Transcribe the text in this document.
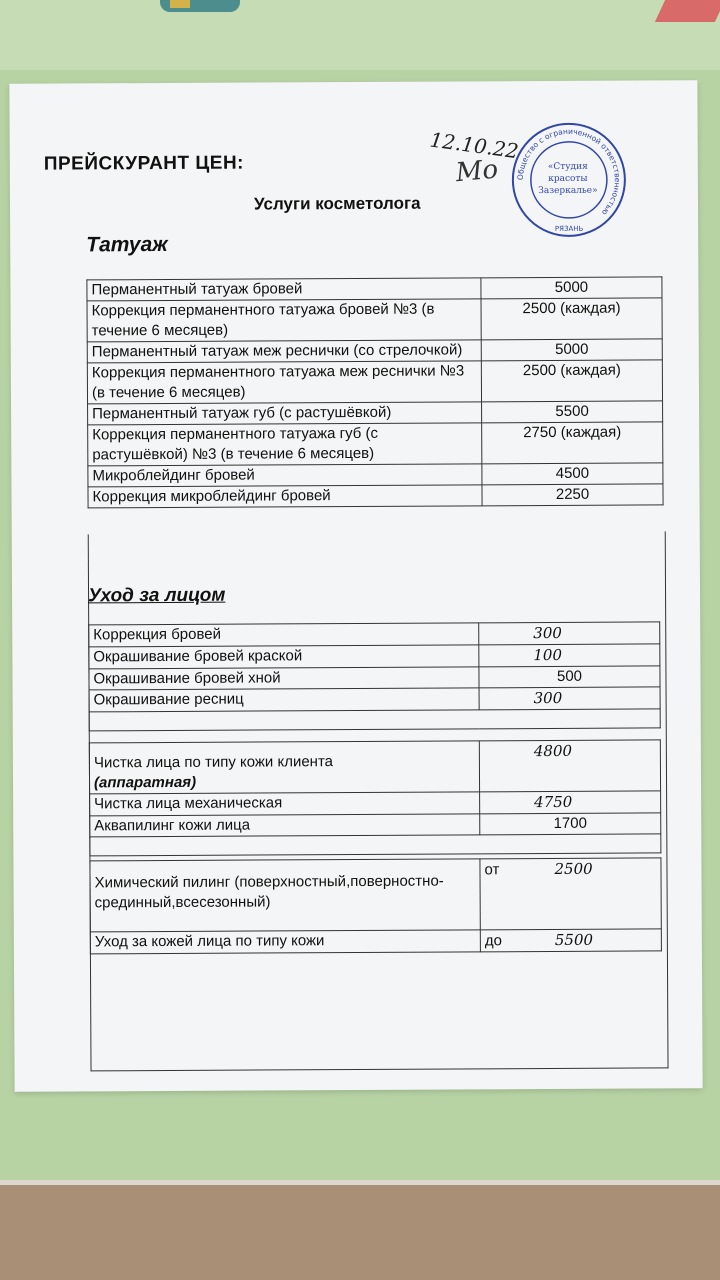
ПРЕЙСКУРАНТ ЦЕН:
Услуги косметолога
12.10.22
Мо Общество с ограниченной ответственностью
РЯЗАНЬ
«Студия красоты
Зазеркалье»
Татуаж
Перманентный татуаж бровей	5000
Коррекция перманентного татуажа бровей №3 (в течение 6 месяцев)	2500 (каждая)
Перманентный татуаж меж реснички (со стрелочкой)	5000
Коррекция перманентного татуажа меж реснички №3 (в течение 6 месяцев)	2500 (каждая)
Перманентный татуаж губ (с растушёвкой)	5500
Коррекция перманентного татуажа губ (с растушёвкой) №3 (в течение 6 месяцев)	2750 (каждая)
Микроблейдинг бровей	4500
Коррекция микроблейдинг бровей	2250
Уход за лицом
Коррекция бровей	300
Окрашивание бровей краской	100
Окрашивание бровей хной	500
Окрашивание ресниц	300

Чистка лица по типу кожи клиента
(аппаратная)	4800
Чистка лица механическая	4750
Аквапилинг кожи лица	1700

Химический пилинг (поверхностный,поверностно-срединный,всесезонный)	от 2500
Уход за кожей лица по типу кожи	до 5500
